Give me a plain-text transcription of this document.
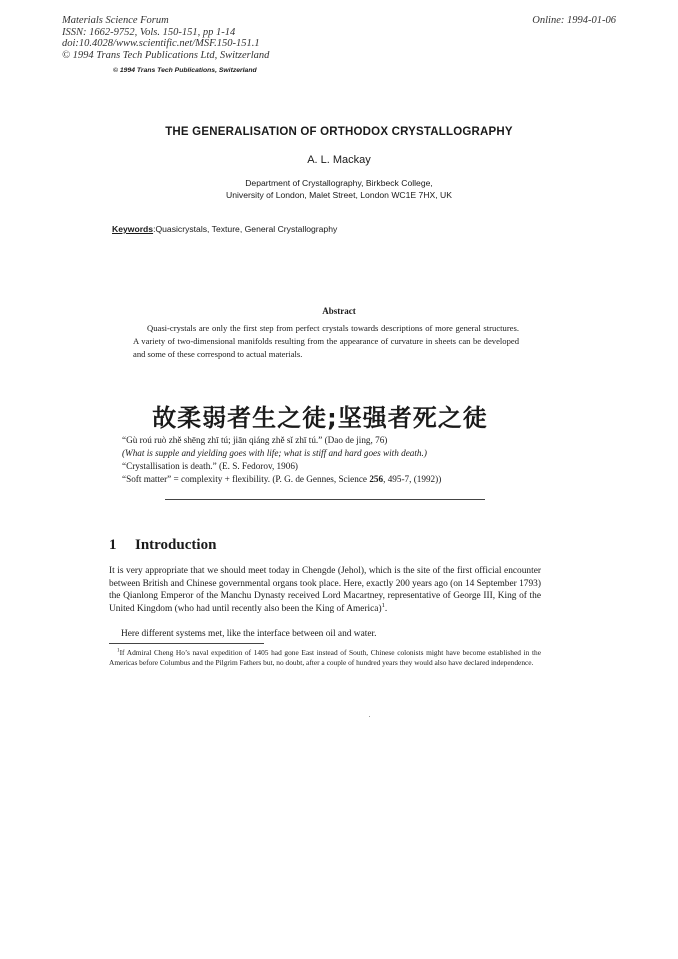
Materials Science Forum
ISSN: 1662-9752, Vols. 150-151, pp 1-14
doi:10.4028/www.scientific.net/MSF.150-151.1
© 1994 Trans Tech Publications Ltd, Switzerland
Online: 1994-01-06
© 1994 Trans Tech Publications, Switzerland
THE GENERALISATION OF ORTHODOX CRYSTALLOGRAPHY
A. L. Mackay
Department of Crystallography, Birkbeck College,
University of London, Malet Street, London WC1E 7HX, UK
Keywords:Quasicrystals, Texture, General Crystallography
Abstract
Quasi-crystals are only the first step from perfect crystals towards descriptions of more general structures. A variety of two-dimensional manifolds resulting from the appearance of curvature in sheets can be developed and some of these correspond to actual materials.
故柔弱者生之徒;坚强者死之徒
“Gù roú ruò zhě shēng zhī tú; jiān qiáng zhě sǐ zhī tú.” (Dao de jing, 76)
(What is supple and yielding goes with life; what is stiff and hard goes with death.)
“Crystallisation is death.” (E. S. Fedorov, 1906)
“Soft matter” = complexity + flexibility. (P. G. de Gennes, Science 256, 495-7, (1992))
1 Introduction
It is very appropriate that we should meet today in Chengde (Jehol), which is the site of the first official encounter between British and Chinese governmental organs took place. Here, exactly 200 years ago (on 14 September 1793) the Qianlong Emperor of the Manchu Dynasty received Lord Macartney, representative of George III, King of the United Kingdom (who had until recently also been the King of America)$^1$.
Here different systems met, like the interface between oil and water.
$^1$If Admiral Cheng Ho’s naval expedition of 1405 had gone East instead of South, Chinese colonists might have become established in the Americas before Columbus and the Pilgrim Fathers but, no doubt, after a couple of hundred years they would also have declared independence.
